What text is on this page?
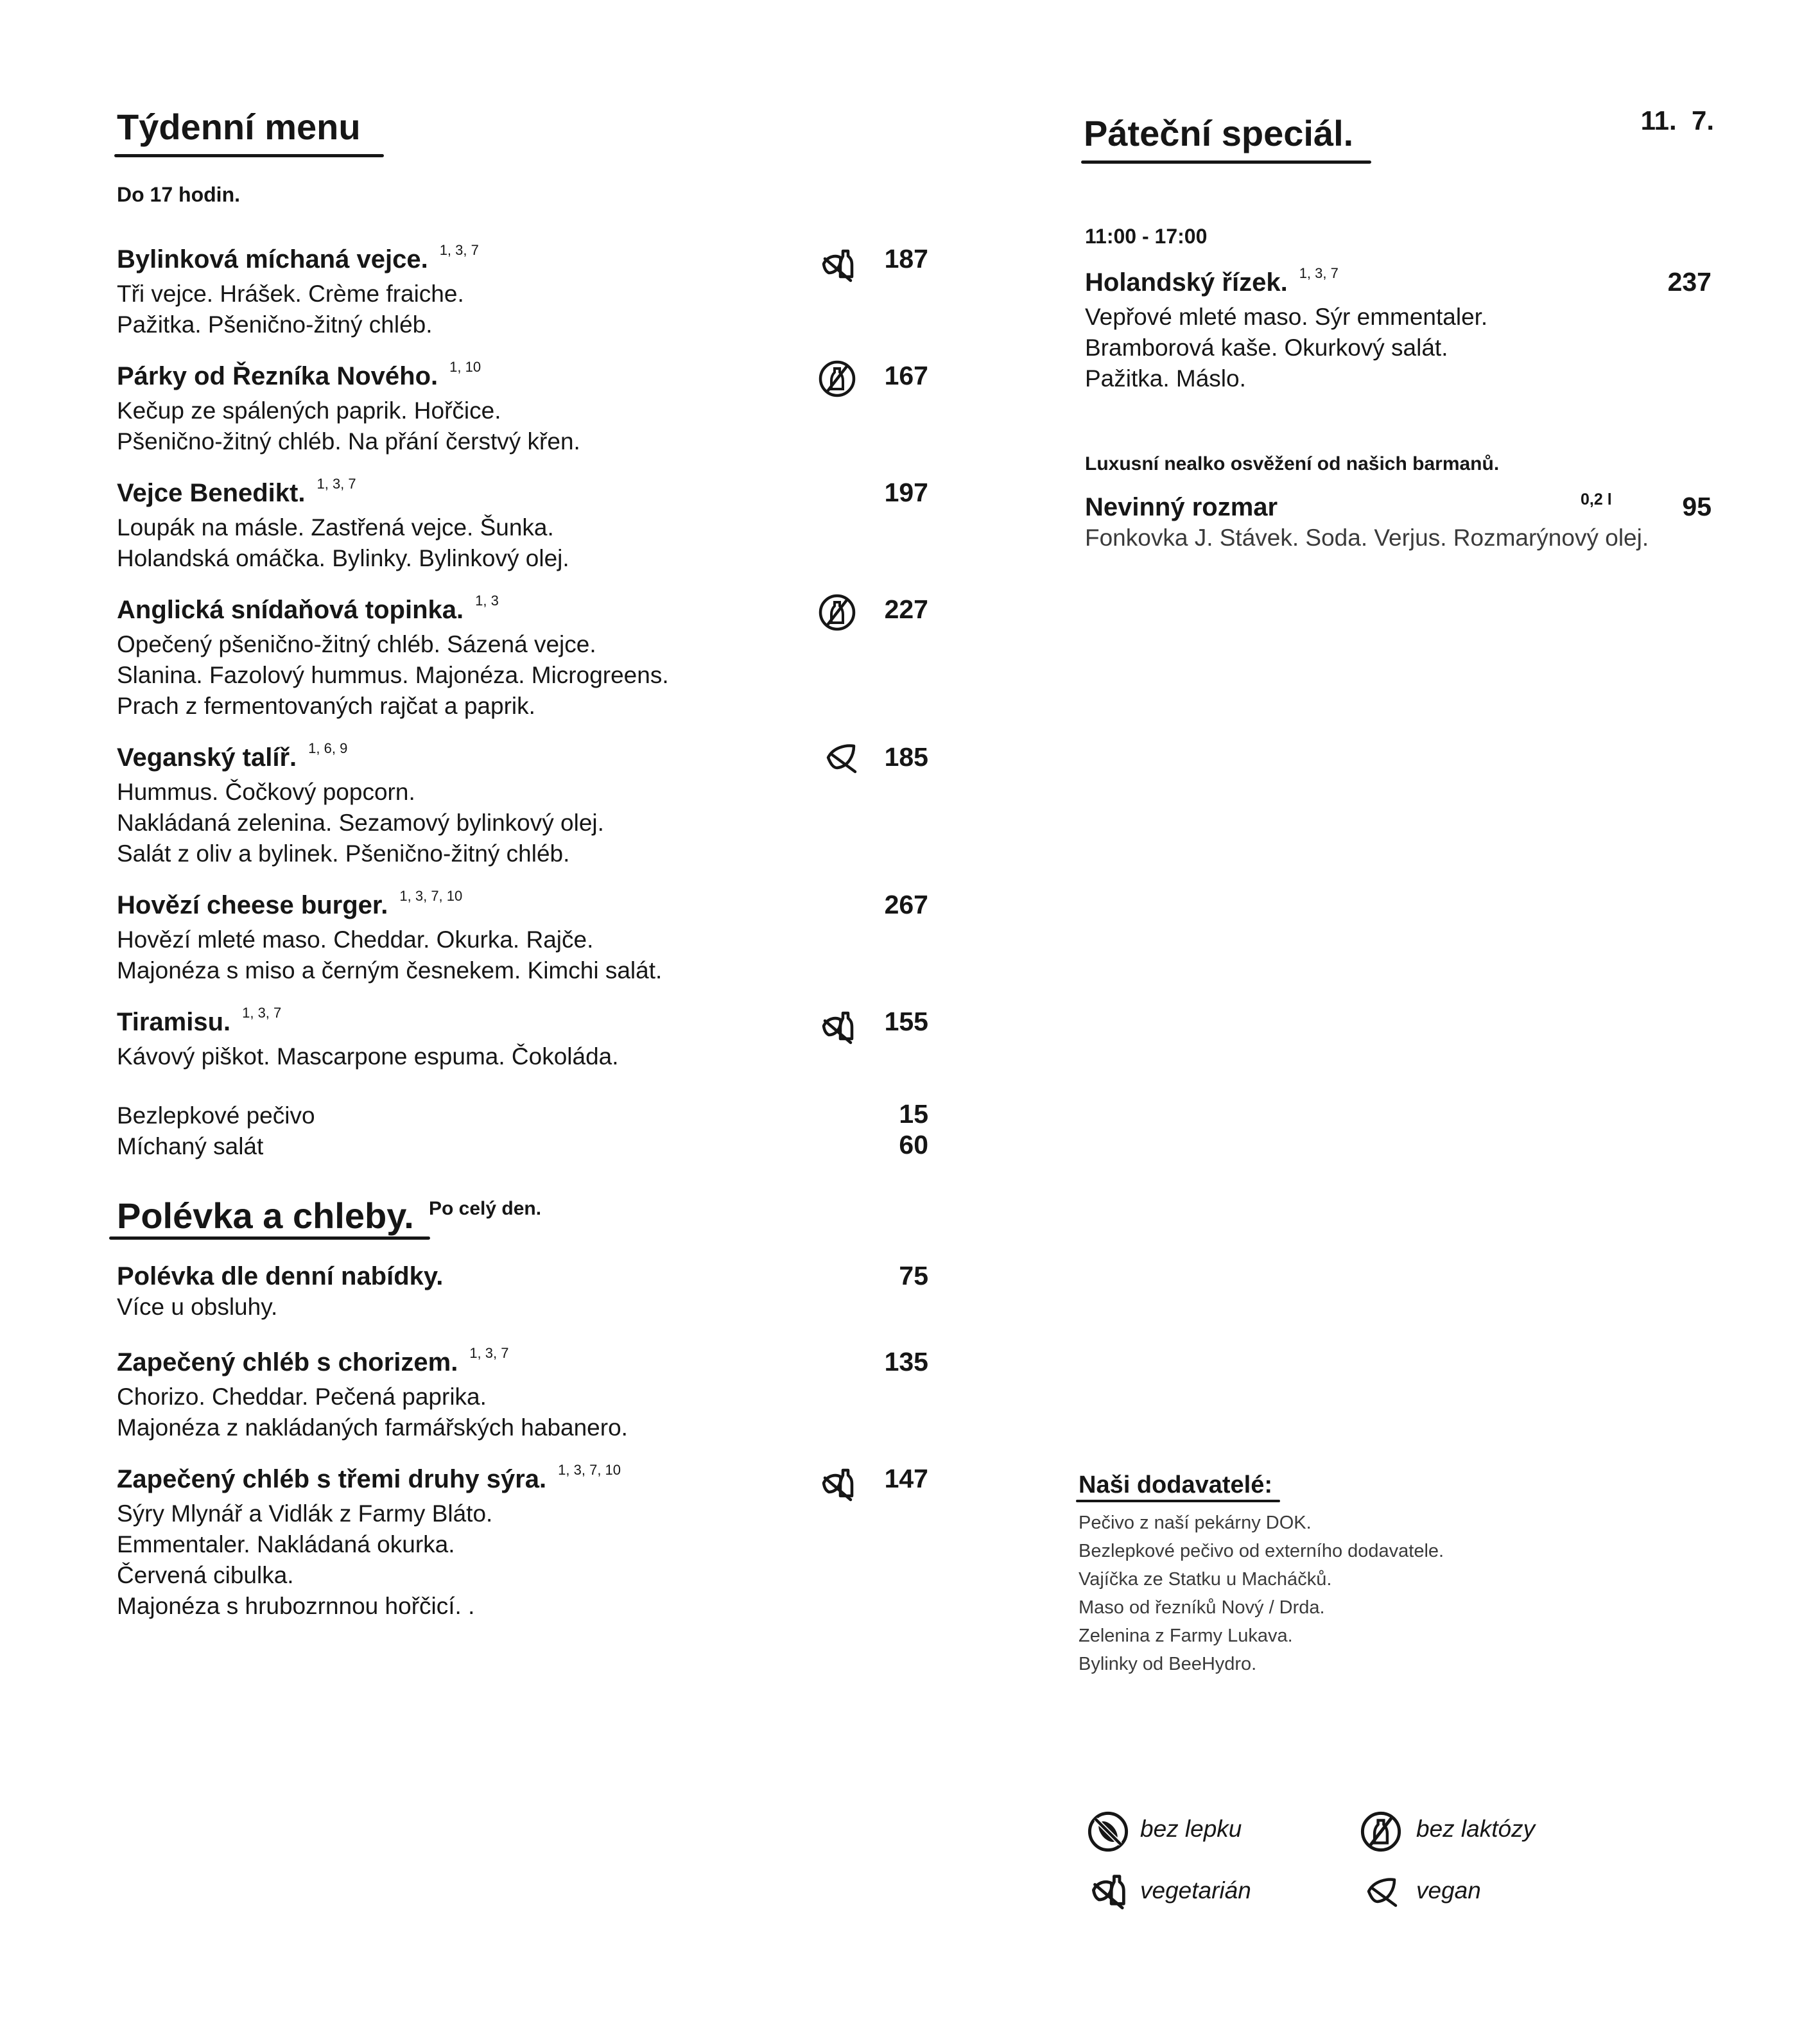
Týdenní menu
Do 17 hodin.
Bylinková míchaná vejce. $^{1, 3, 7}$
Tři vejce. Hrášek. Crème fraiche.
Pažitka. Pšenično-žitný chléb.
187
Párky od Řezníka Nového. $^{1, 10}$
Kečup ze spálených paprik. Hořčice.
Pšenično-žitný chléb. Na přání čerstvý křen.
167
Vejce Benedikt. $^{1, 3, 7}$
Loupák na másle. Zastřená vejce. Šunka.
Holandská omáčka. Bylinky. Bylinkový olej.
197
Anglická snídaňová topinka. $^{1, 3}$
Opečený pšenično-žitný chléb. Sázená vejce.
Slanina. Fazolový hummus. Majonéza. Microgreens.
Prach z fermentovaných rajčat a paprik.
227
Veganský talíř. $^{1, 6, 9}$
Hummus. Čočkový popcorn.
Nakládaná zelenina. Sezamový bylinkový olej.
Salát z oliv a bylinek. Pšenično-žitný chléb.
185
Hovězí cheese burger. $^{1, 3, 7, 10}$
Hovězí mleté maso. Cheddar. Okurka. Rajče.
Majonéza s miso a černým česnekem. Kimchi salát.
267
Tiramisu. $^{1, 3, 7}$
Kávový piškot. Mascarpone espuma. Čokoláda.
155
Bezlepkové pečivo	15
Míchaný salát	60
Polévka a chleby. Po celý den.
Polévka dle denní nabídky.
Více u obsluhy.
75
Zapečený chléb s chorizem. $^{1, 3, 7}$
Chorizo. Cheddar. Pečená paprika.
Majonéza z nakládaných farmářských habanero.
135
Zapečený chléb s třemi druhy sýra. $^{1, 3, 7, 10}$
Sýry Mlynář a Vidlák z Farmy Bláto.
Emmentaler. Nakládaná okurka.
Červená cibulka.
Majonéza s hrubozrnnou hořčicí. .
147
Páteční speciál.	11.  7.
11:00 - 17:00
Holandský řízek. $^{1, 3, 7}$
Vepřové mleté maso. Sýr emmentaler.
Bramborová kaše. Okurkový salát.
Pažitka. Máslo.
237
Luxusní nealko osvěžení od našich barmanů.
Nevinný rozmar
Fonkovka J. Stávek. Soda. Verjus. Rozmarýnový olej.
0,2 l	95
Naši dodavatelé:
Pečivo z naší pekárny DOK.
Bezlepkové pečivo od externího dodavatele.
Vajíčka ze Statku u Macháčků.
Maso od řezníků Nový / Drda.
Zelenina z Farmy Lukava.
Bylinky od BeeHydro.
bez lepku	bez laktózy
vegetarián	vegan
